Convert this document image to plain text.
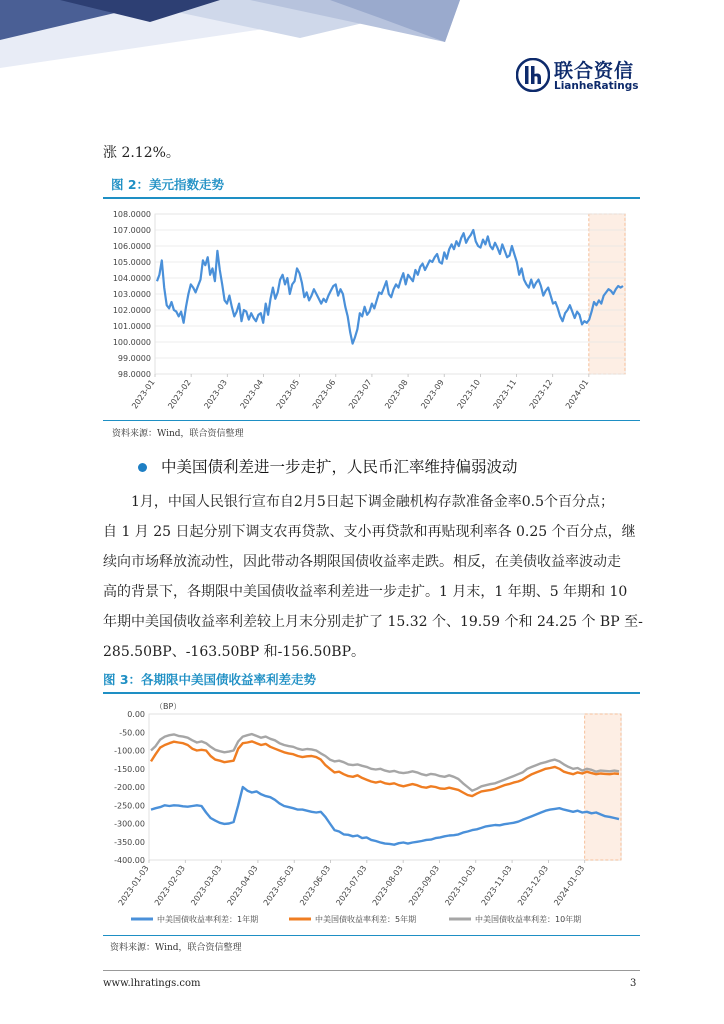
联合资信
LianheRatings
涨 2.12%。
图 2：美元指数走势
108.0000
107.0000
106.0000
105.0000
104.0000
103.0000
102.0000
101.0000
100.0000
99.0000
98.0000
2023-01 2023-02 2023-03 2023-04 2023-05 2023-06 2023-07 2023-08 2023-09 2023-10 2023-11 2023-12 2024-01
资料来源：Wind，联合资信整理
中美国债利差进一步走扩，人民币汇率维持偏弱波动
1月，中国人民银行宣布自2月5日起下调金融机构存款准备金率0.5个百分点；
自 1 月 25 日起分别下调支农再贷款、支小再贷款和再贴现利率各 0.25 个百分点，继
续向市场释放流动性，因此带动各期限国债收益率走跌。相反，在美债收益率波动走
高的背景下，各期限中美国债收益率利差进一步走扩。1 月末，1 年期、5 年期和 10
年期中美国债收益率利差较上月末分别走扩了 15.32 个、19.59 个和 24.25 个 BP 至-
285.50BP、-163.50BP 和-156.50BP。
图 3：各期限中美国债收益率利差走势
（BP）
0.00
-50.00
-100.00
-150.00
-200.00
-250.00
-300.00
-350.00
-400.00
2023-01-03 2023-02-03 2023-03-03 2023-04-03 2023-05-03 2023-06-03 2023-07-03 2023-08-03 2023-09-03 2023-10-03 2023-11-03 2023-12-03 2024-01-03
中美国债收益率利差：1年期	中美国债收益率利差：5年期	中美国债收益率利差：10年期
资料来源：Wind，联合资信整理
www.lhratings.com	3
